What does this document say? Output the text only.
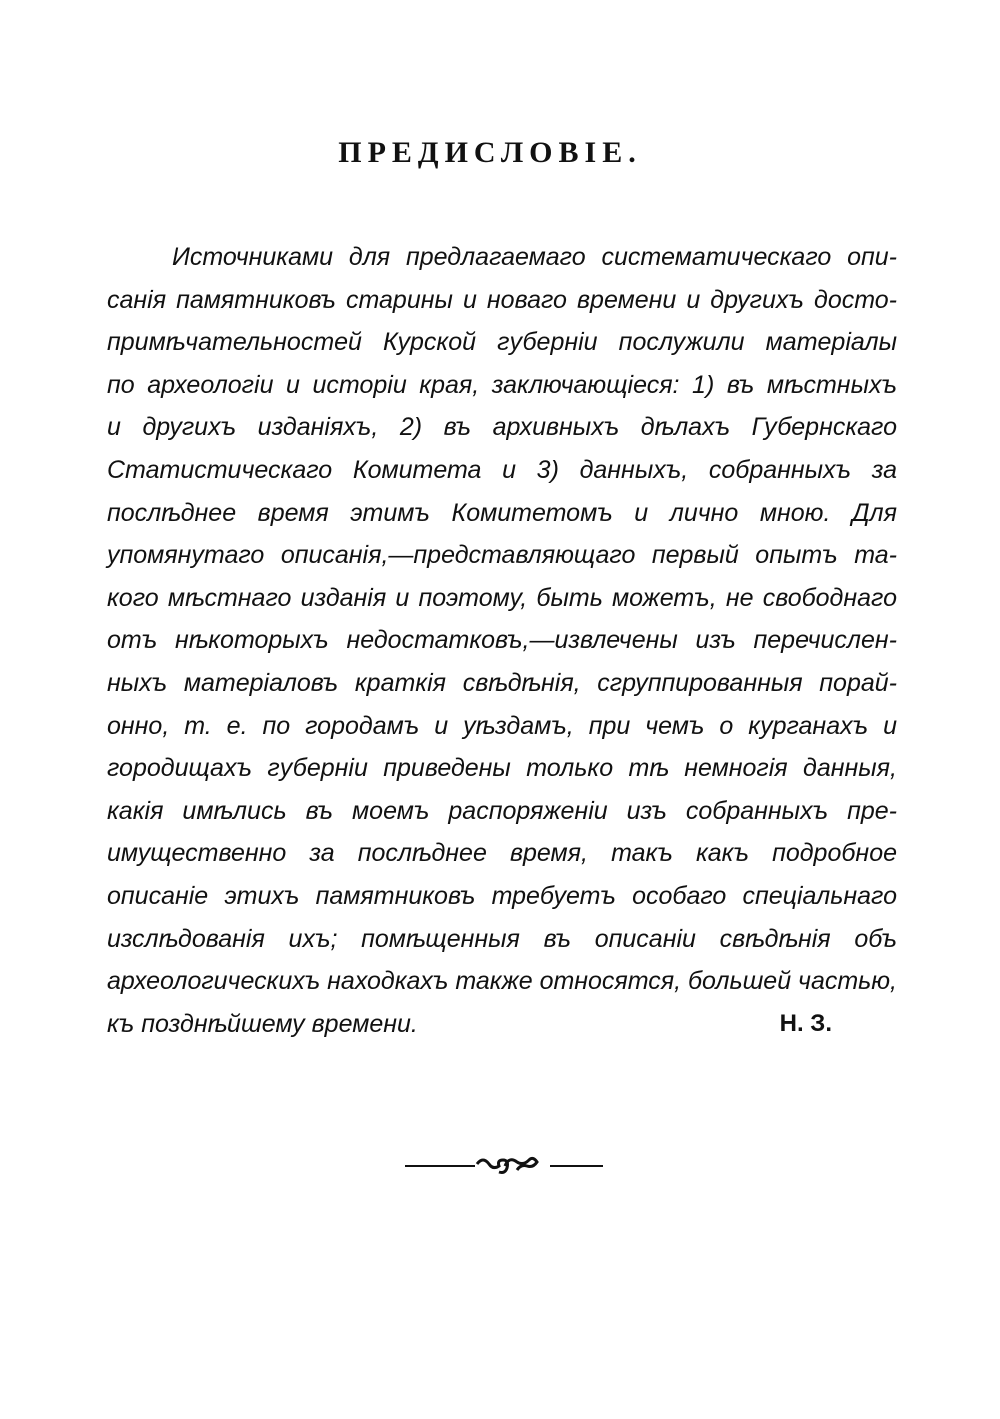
ПРЕДИСЛОВІЕ.
Источниками для предлагаемаго систематическаго опи-
санія памятниковъ старины и новаго времени и другихъ досто-
примѣчательностей Курской губерніи послужили матеріалы
по археологіи и исторіи края, заключающіеся: 1) въ мѣстныхъ
и другихъ изданіяхъ, 2) въ архивныхъ дѣлахъ Губернскаго
Статистическаго Комитета и 3) данныхъ, собранныхъ за
послѣднее время этимъ Комитетомъ и лично мною. Для
упомянутаго описанія,—представляющаго первый опытъ та-
кого мѣстнаго изданія и поэтому, быть можетъ, не свободнаго
отъ нѣкоторыхъ недостатковъ,—извлечены изъ перечислен-
ныхъ матеріаловъ краткія свѣдѣнія, сгруппированныя порай-
онно, т. е. по городамъ и уѣздамъ, при чемъ о курганахъ и
городищахъ губерніи приведены только тѣ немногія данныя,
какія имѣлись въ моемъ распоряженіи изъ собранныхъ пре-
имущественно за послѣднее время, такъ какъ подробное
описаніе этихъ памятниковъ требуетъ особаго спеціальнаго
изслѣдованія ихъ; помѣщенныя въ описаніи свѣдѣнія объ
археологическихъ находкахъ также относятся, большей частью,
къ позднѣйшему времени.	Н. З.
